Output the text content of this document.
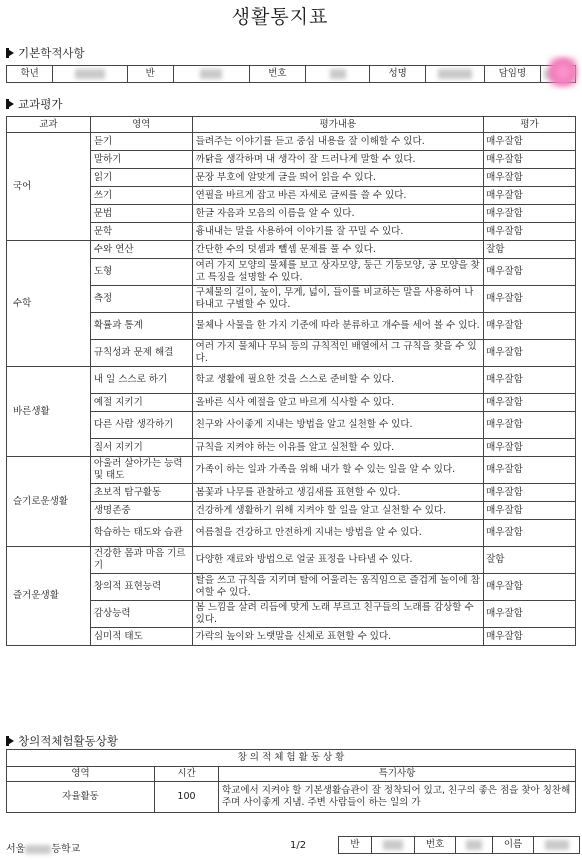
생활통지표
기본학적사항
학년		반		번호		성명		담임명	
교과평가
교과	영역	평가내용	평가
국어	듣기	들려주는 이야기를 듣고 중심 내용을 잘 이해할 수 있다.	매우잘함
	말하기	까닭을 생각하며 내 생각이 잘 드러나게 말할 수 있다.	매우잘함
	읽기	문장 부호에 알맞게 글을 띄어 읽을 수 있다.	매우잘함
	쓰기	연필을 바르게 잡고 바른 자세로 글씨를 쓸 수 있다.	매우잘함
	문법	한글 자음과 모음의 이름을 알 수 있다.	매우잘함
	문학	흉내내는 말을 사용하여 이야기를 잘 꾸밀 수 있다.	매우잘함
수학	수와 연산	간단한 수의 덧셈과 뺄셈 문제를 풀 수 있다.	잘함
	도형	여러 가지 모양의 물체를 보고 상자모양, 둥근 기둥모양, 공 모양을 찾고 특징을 설명할 수 있다.	매우잘함
	측정	구체물의 길이, 높이, 무게, 넓이, 들이를 비교하는 말을 사용하여 나타내고 구별할 수 있다.	매우잘함
	확률과 통계	물체나 사물을 한 가지 기준에 따라 분류하고 개수를 세어 볼 수 있다.	매우잘함
	규칙성과 문제 해결	여러 가지 물체나 무늬 등의 규칙적인 배열에서 그 규칙을 찾을 수 있다.	매우잘함
바른생활	내 일 스스로 하기	학교 생활에 필요한 것을 스스로 준비할 수 있다.	매우잘함
	예절 지키기	올바른 식사 예절을 알고 바르게 식사할 수 있다.	매우잘함
	다른 사람 생각하기	친구와 사이좋게 지내는 방법을 알고 실천할 수 있다.	매우잘함
	질서 지키기	규칙을 지켜야 하는 이유를 알고 실천할 수 있다.	매우잘함
슬기로운생활	아울러 살아가는 능력 및 태도	가족이 하는 일과 가족을 위해 내가 할 수 있는 일을 알 수 있다.	매우잘함
	초보적 탐구활동	봄꽃과 나무를 관찰하고 생김새를 표현할 수 있다.	매우잘함
	생명존중	건강하게 생활하기 위해 지켜야 할 일을 알고 실천할 수 있다.	매우잘함
	학습하는 태도와 습관	여름철을 건강하고 안전하게 지내는 방법을 알 수 있다.	매우잘함
즐거운생활	건강한 몸과 마음 기르기	다양한 재료와 방법으로 얼굴 표정을 나타낼 수 있다.	잘함
	창의적 표현능력	탈을 쓰고 규칙을 지키며 탈에 어울리는 움직임으로 즐겁게 놀이에 참여할 수 있다.	매우잘함
	감상능력	봄 느낌을 살려 리듬에 맞게 노래 부르고 친구들의 노래를 감상할 수 있다.	매우잘함
	심미적 태도	가락의 높이와 노랫말을 신체로 표현할 수 있다.	매우잘함
창의적체험활동상황
창 의 적 체 험 활 동 상 황		
영역	시간	특기사항
자율활동	100	학교에서 지켜야 할 기본생활습관이 잘 정착되어 있고, 친구의 좋은 점을 찾아 칭찬해주며 사이좋게 지냄. 주변 사람들이 하는 일의 가
서울	등학교	1/2	반		번호		이름	
